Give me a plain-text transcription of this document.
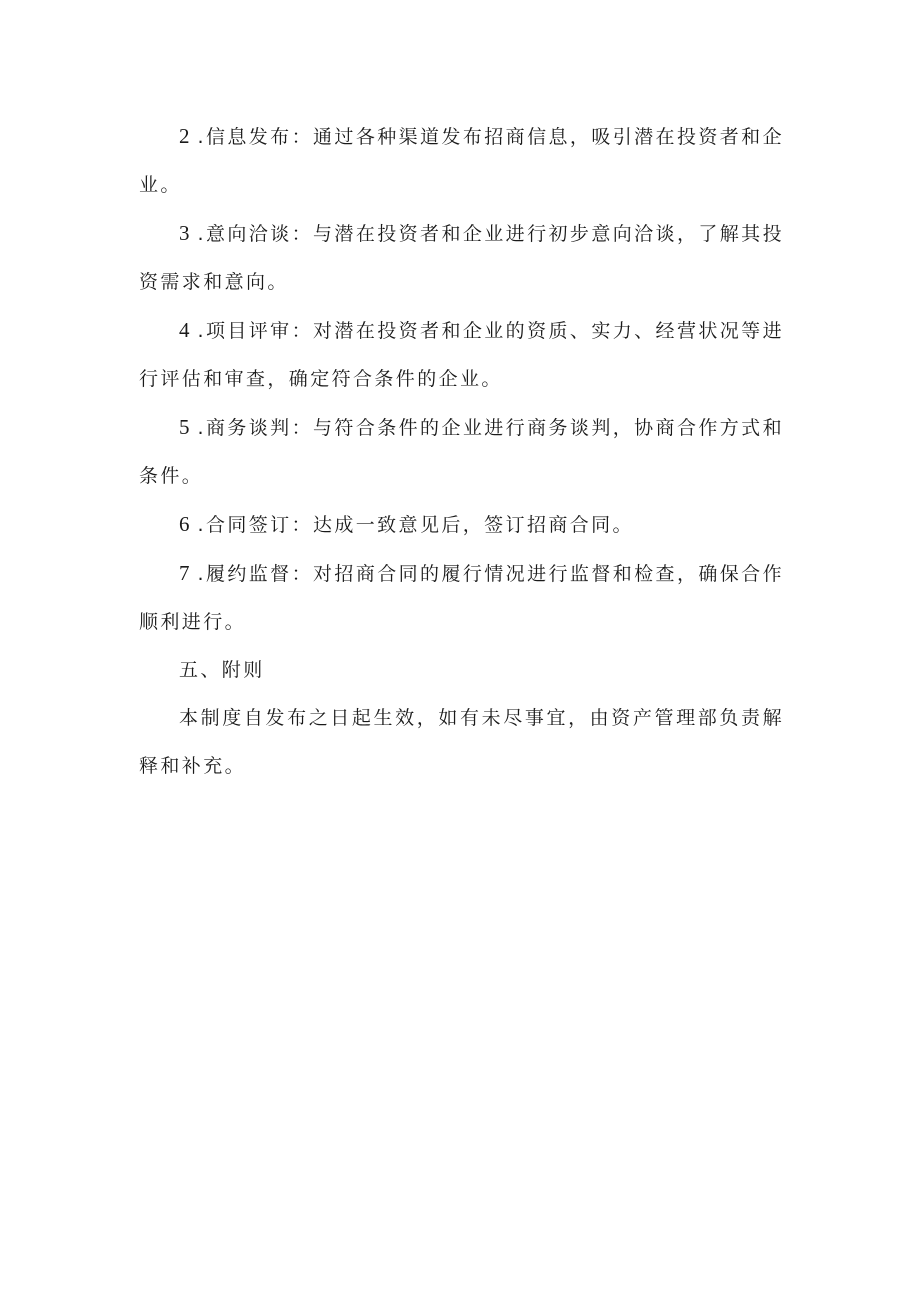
2 .信息发布：通过各种渠道发布招商信息，吸引潜在投资者和企业。

3 .意向洽谈：与潜在投资者和企业进行初步意向洽谈，了解其投资需求和意向。

4 .项目评审：对潜在投资者和企业的资质、实力、经营状况等进行评估和审查，确定符合条件的企业。

5 .商务谈判：与符合条件的企业进行商务谈判，协商合作方式和条件。

6 .合同签订：达成一致意见后，签订招商合同。

7 .履约监督：对招商合同的履行情况进行监督和检查，确保合作顺利进行。

五、附则

本制度自发布之日起生效，如有未尽事宜，由资产管理部负责解释和补充。
